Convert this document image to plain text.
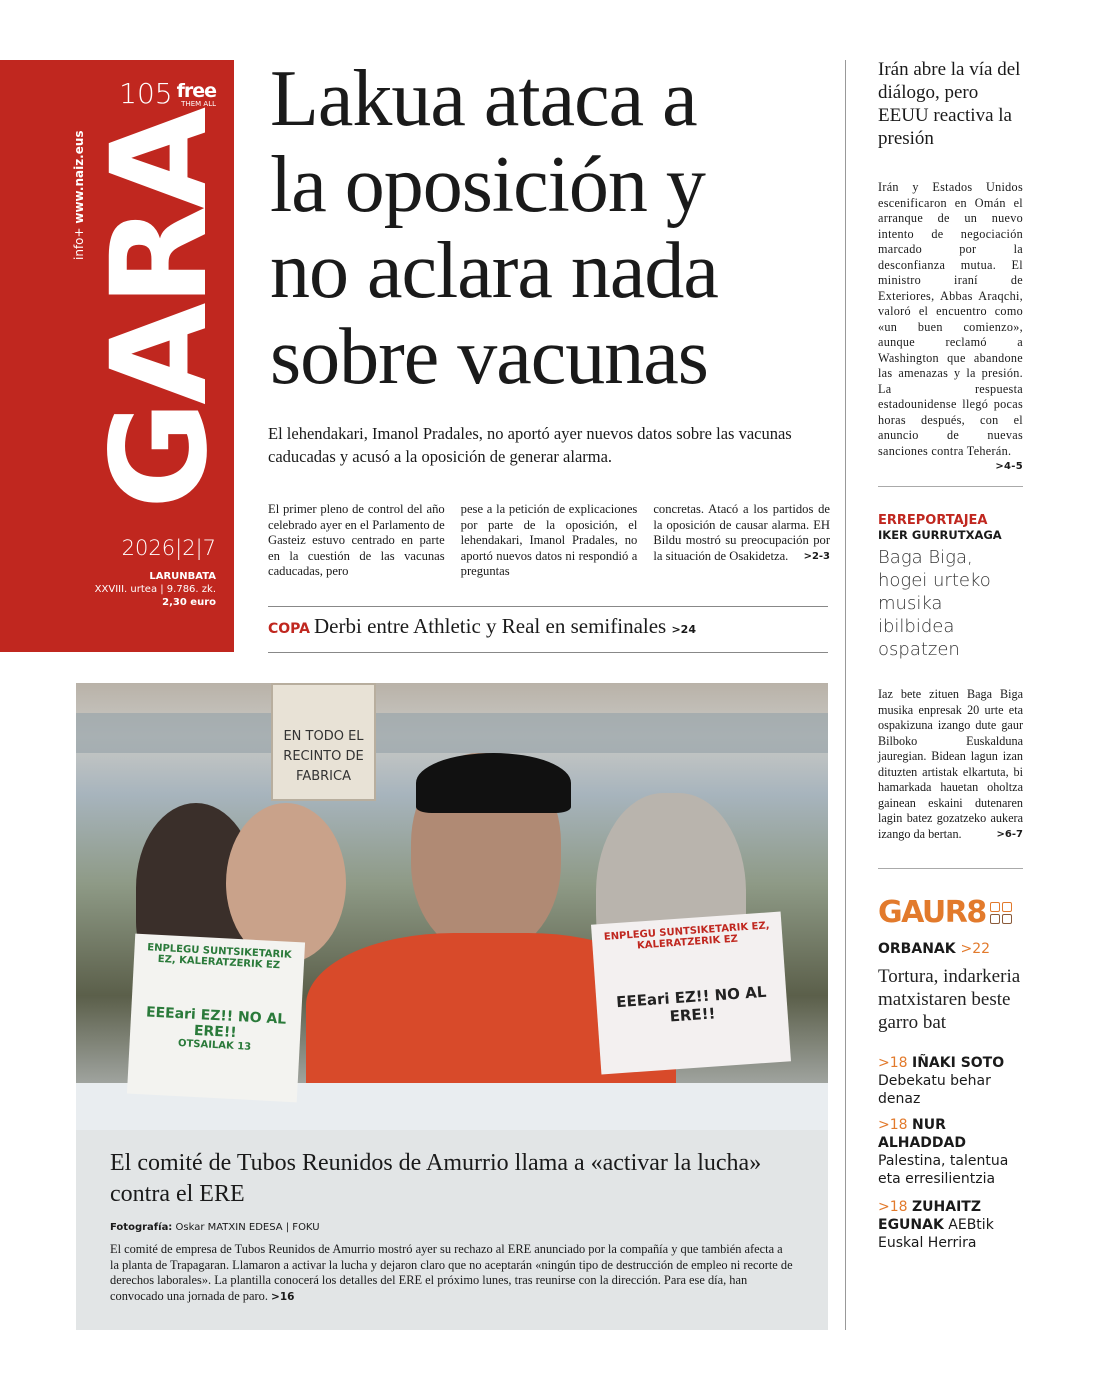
105 free
THEM ALL
info+ www.naiz.eus
GARA
2026|2|7
LARUNBATA
XXVIII. urtea | 9.786. zk.
2,30 euro
Lakua ataca a
la oposición y
no aclara nada
sobre vacunas

El lehendakari, Imanol Pradales, no aportó ayer nuevos datos sobre las vacunas caducadas y acusó a la oposición de generar alarma.

El primer pleno de control del año celebrado ayer en el Parlamento de Gasteiz estuvo centrado en parte en la cuestión de las vacunas caducadas, pero

pese a la petición de explicaciones por parte de la oposición, el lehendakari, Imanol Pradales, no aportó nuevos datos ni respondió a preguntas

concretas. Atacó a los partidos de la oposición de causar alarma. EH Bildu mostró su preocupación por la situación de Osakidetza. >2-3

COPA Derbi entre Athletic y Real en semifinales >24
EN TODO EL RECINTO DE FABRICA
ENPLEGU SUNTSIKETARIK EZ, KALERATZERIK EZ
EEEari EZ!! NO AL ERE!!
OTSAILAK 13
ENPLEGU SUNTSIKETARIK EZ, KALERATZERIK EZ
EEEari EZ!! NO AL ERE!!
El comité de Tubos Reunidos de Amurrio llama a «activar la lucha» contra el ERE
Fotografía: Oskar MATXIN EDESA | FOKU

El comité de empresa de Tubos Reunidos de Amurrio mostró ayer su rechazo al ERE anunciado por la compañía y que también afecta a la planta de Trapagaran. Llamaron a activar la lucha y dejaron claro que no aceptarán «ningún tipo de destrucción de empleo ni recorte de derechos laborales». La plantilla conocerá los detalles del ERE el próximo lunes, tras reunirse con la dirección. Para ese día, han convocado una jornada de paro. >16

Irán abre la vía del diálogo, pero EEUU reactiva la presión

Irán y Estados Unidos escenificaron en Omán el arranque de un nuevo intento de negociación marcado por la desconfianza mutua. El ministro iraní de Exteriores, Abbas Araqchi, valoró el encuentro como «un buen comienzo», aunque reclamó a Washington que abandone las amenazas y la presión. La respuesta estadounidense llegó pocas horas después, con el anuncio de nuevas sanciones contra Teherán.
>4-5

ERREPORTAJEA
IKER GURRUTXAGA
Baga Biga, hogei urteko musika ibilbidea ospatzen

Iaz bete zituen Baga Biga musika enpresak 20 urte eta ospakizuna izango dute gaur Bilboko Euskalduna jauregian. Bidean lagun izan dituzten artistak elkartuta, bi hamarkada hauetan oholtza gainean eskaini dutenaren lagin batez gozatzeko aukera izango da bertan.	>6-7

GAUR8
ORBANAK >22
Tortura, indarkeria matxistaren beste garro bat
>18 IÑAKI SOTO
Debekatu behar denaz
>18 NUR ALHADDAD
Palestina, talentua eta erresilientzia
>18 ZUHAITZ EGUNAK AEBtik Euskal Herrira
